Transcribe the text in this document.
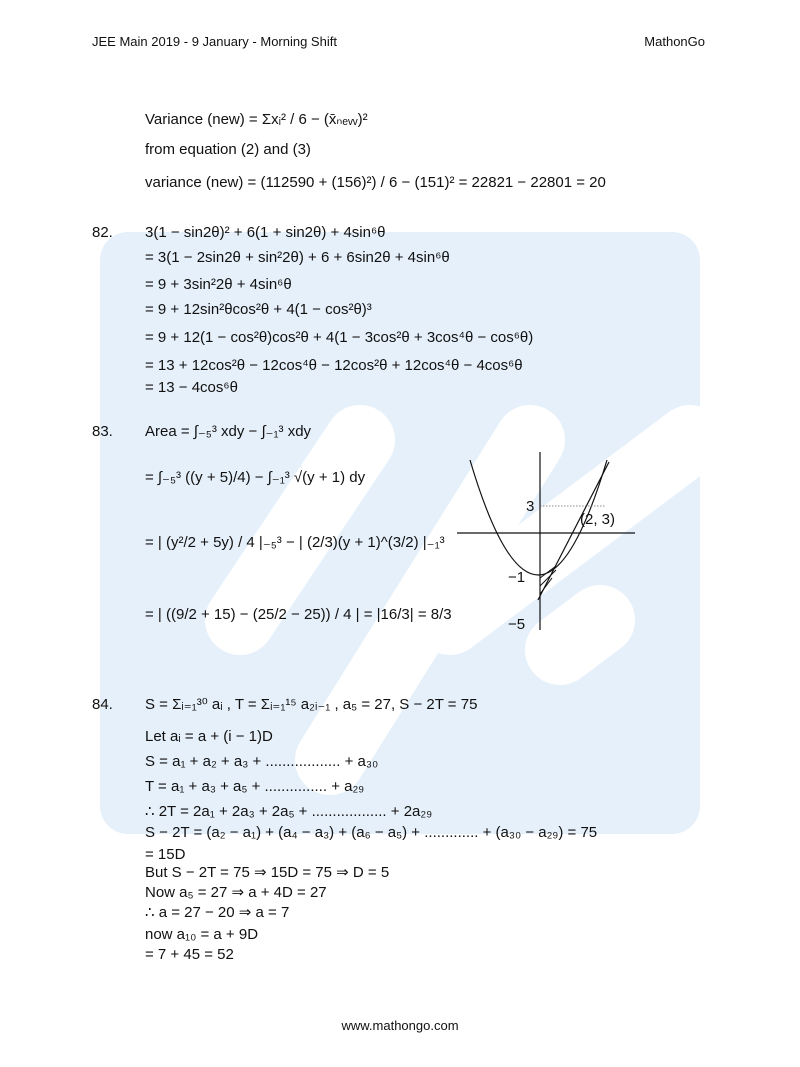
JEE Main 2019 - 9 January - Morning Shift	MathonGo
Variance (new) = Σxᵢ² / 6 − (x̄ₙₑᵥᵥ)²
from equation (2) and (3)
variance (new) = (112590 + (156)²) / 6 − (151)² = 22821 − 22801 = 20
82. 3(1 − sin2θ)² + 6(1 + sin2θ) + 4sin⁶θ
= 3(1 − 2sin2θ + sin²2θ) + 6 + 6sin2θ + 4sin⁶θ
= 9 + 3sin²2θ + 4sin⁶θ
= 9 + 12sin²θcos²θ + 4(1 − cos²θ)³
= 9 + 12(1 − cos²θ)cos²θ + 4(1 − 3cos²θ + 3cos⁴θ − cos⁶θ)
= 13 + 12cos²θ − 12cos⁴θ − 12cos²θ + 12cos⁴θ − 4cos⁶θ
= 13 − 4cos⁶θ
83. Area = ∫₋₅³ xdy − ∫₋₁³ xdy
= ∫₋₅³ ((y + 5)/4) − ∫₋₁³ √(y + 1) dy
= | (y²/2 + 5y) / 4 |₋₅³ − | (2/3)(y + 1)^(3/2) |₋₁³
= | ((9/2 + 15) − (25/2 − 25)) / 4 | = |16/3| = 8/3
3
(2, 3)
−1
−5
84. S = Σᵢ₌₁³⁰ aᵢ , T = Σᵢ₌₁¹⁵ a₂ᵢ₋₁ , a₅ = 27, S − 2T = 75
Let aᵢ = a + (i − 1)D
S = a₁ + a₂ + a₃ + .................. + a₃₀
T = a₁ + a₃ + a₅ + ............... + a₂₉
∴ 2T = 2a₁ + 2a₃ + 2a₅ + .................. + 2a₂₉
S − 2T = (a₂ − a₁) + (a₄ − a₃) + (a₆ − a₅) + ............. + (a₃₀ − a₂₉) = 75
= 15D
But S − 2T = 75 ⇒ 15D = 75 ⇒ D = 5
Now a₅ = 27 ⇒ a + 4D = 27
∴ a = 27 − 20 ⇒ a = 7
now a₁₀ = a + 9D
= 7 + 45 = 52
www.mathongo.com
